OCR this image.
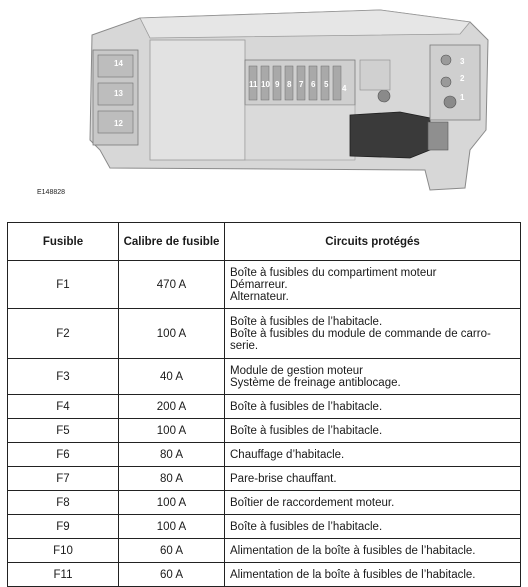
14
13
12
11 10 9 8 7 6 5 4
3
2
1
E148828
Fusible	Calibre de fusible	Circuits protégés
F1	470 A	Boîte à fusibles du compartiment moteur
Démarreur.
Alternateur.

F2	100 A	Boîte à fusibles de l’habitacle.
Boîte à fusibles du module de commande de carro-
serie.

F3	40 A	Module de gestion moteur
Système de freinage antiblocage.

F4	200 A	Boîte à fusibles de l’habitacle.
F5	100 A	Boîte à fusibles de l’habitacle.
F6	80 A	Chauffage d’habitacle.
F7	80 A	Pare-brise chauffant.
F8	100 A	Boîtier de raccordement moteur.
F9	100 A	Boîte à fusibles de l’habitacle.
F10	60 A	Alimentation de la boîte à fusibles de l’habitacle.
F11	60 A	Alimentation de la boîte à fusibles de l’habitacle.
